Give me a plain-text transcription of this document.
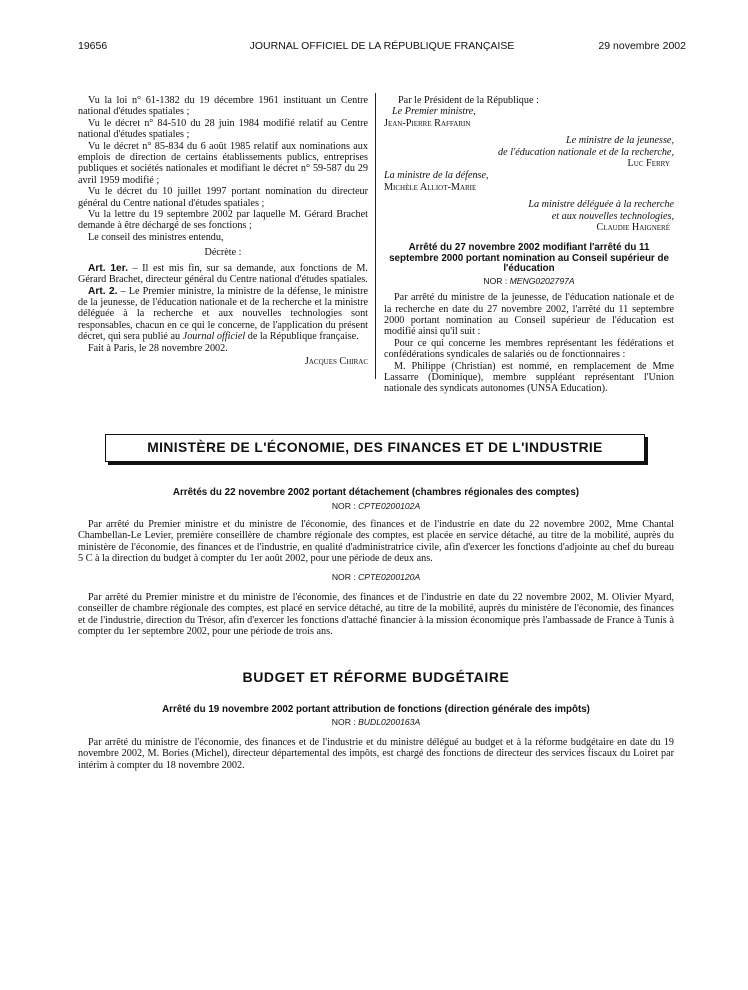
19656	JOURNAL OFFICIEL DE LA RÉPUBLIQUE FRANÇAISE	29 novembre 2002

Vu la loi n° 61-1382 du 19 décembre 1961 instituant un Centre national d'études spatiales ;

Vu le décret n° 84-510 du 28 juin 1984 modifié relatif au Centre national d'études spatiales ;

Vu le décret n° 85-834 du 6 août 1985 relatif aux nominations aux emplois de direction de certains établissements publics, entreprises publiques et sociétés nationales et modifiant le décret n° 59-587 du 29 avril 1959 modifié ;

Vu le décret du 10 juillet 1997 portant nomination du directeur général du Centre national d'études spatiales ;

Vu la lettre du 19 septembre 2002 par laquelle M. Gérard Brachet demande à être déchargé de ses fonctions ;

Le conseil des ministres entendu,

Décrète :

Art. 1er. – Il est mis fin, sur sa demande, aux fonctions de M. Gérard Brachet, directeur général du Centre national d'études spatiales.

Art. 2. – Le Premier ministre, la ministre de la défense, le ministre de la jeunesse, de l'éducation nationale et de la recherche et la ministre déléguée à la recherche et aux nouvelles technologies sont responsables, chacun en ce qui le concerne, de l'application du présent décret, qui sera publié au Journal officiel de la République française.

Fait à Paris, le 28 novembre 2002.

Jacques Chirac
Par le Président de la République :
Le Premier ministre,
Jean-Pierre Raffarin
Le ministre de la jeunesse,
de l'éducation nationale et de la recherche,
Luc Ferry
La ministre de la défense,
Michèle Alliot-Marie
La ministre déléguée à la recherche
et aux nouvelles technologies,
Claudie Haigneré
Arrêté du 27 novembre 2002 modifiant l'arrêté du 11 septembre 2000 portant nomination au Conseil supérieur de l'éducation
NOR : MENG0202797A

Par arrêté du ministre de la jeunesse, de l'éducation nationale et de la recherche en date du 27 novembre 2002, l'arrêté du 11 septembre 2000 portant nomination au Conseil supérieur de l'éducation est modifié ainsi qu'il suit :

Pour ce qui concerne les membres représentant les fédérations et confédérations syndicales de salariés ou de fonctionnaires :

M. Philippe (Christian) est nommé, en remplacement de Mme Lassarre (Dominique), membre suppléant représentant l'Union nationale des syndicats autonomes (UNSA Education).

MINISTÈRE DE L'ÉCONOMIE, DES FINANCES ET DE L'INDUSTRIE
Arrêtés du 22 novembre 2002 portant détachement (chambres régionales des comptes)
NOR : CPTE0200102A

Par arrêté du Premier ministre et du ministre de l'économie, des finances et de l'industrie en date du 22 novembre 2002, Mme Chantal Chambellan-Le Levier, première conseillère de chambre régionale des comptes, est placée en service détaché, au titre de la mobilité, auprès du ministère de l'économie, des finances et de l'industrie, en qualité d'administratrice civile, afin d'exercer les fonctions d'adjointe au chef du bureau 5 C à la direction du budget à compter du 1er août 2002, pour une période de deux ans.

NOR : CPTE0200120A

Par arrêté du Premier ministre et du ministre de l'économie, des finances et de l'industrie en date du 22 novembre 2002, M. Olivier Myard, conseiller de chambre régionale des comptes, est placé en service détaché, au titre de la mobilité, auprès du ministère de l'économie, des finances et de l'industrie, direction du Trésor, afin d'exercer les fonctions d'attaché financier à la mission économique près l'ambassade de France à Tunis à compter du 1er septembre 2002, pour une période de trois ans.

BUDGET ET RÉFORME BUDGÉTAIRE
Arrêté du 19 novembre 2002 portant attribution de fonctions (direction générale des impôts)
NOR : BUDL0200163A

Par arrêté du ministre de l'économie, des finances et de l'industrie et du ministre délégué au budget et à la réforme budgétaire en date du 19 novembre 2002, M. Bories (Michel), directeur départemental des impôts, est chargé des fonctions de directeur des services fiscaux du Loiret par intérim à compter du 18 novembre 2002.
